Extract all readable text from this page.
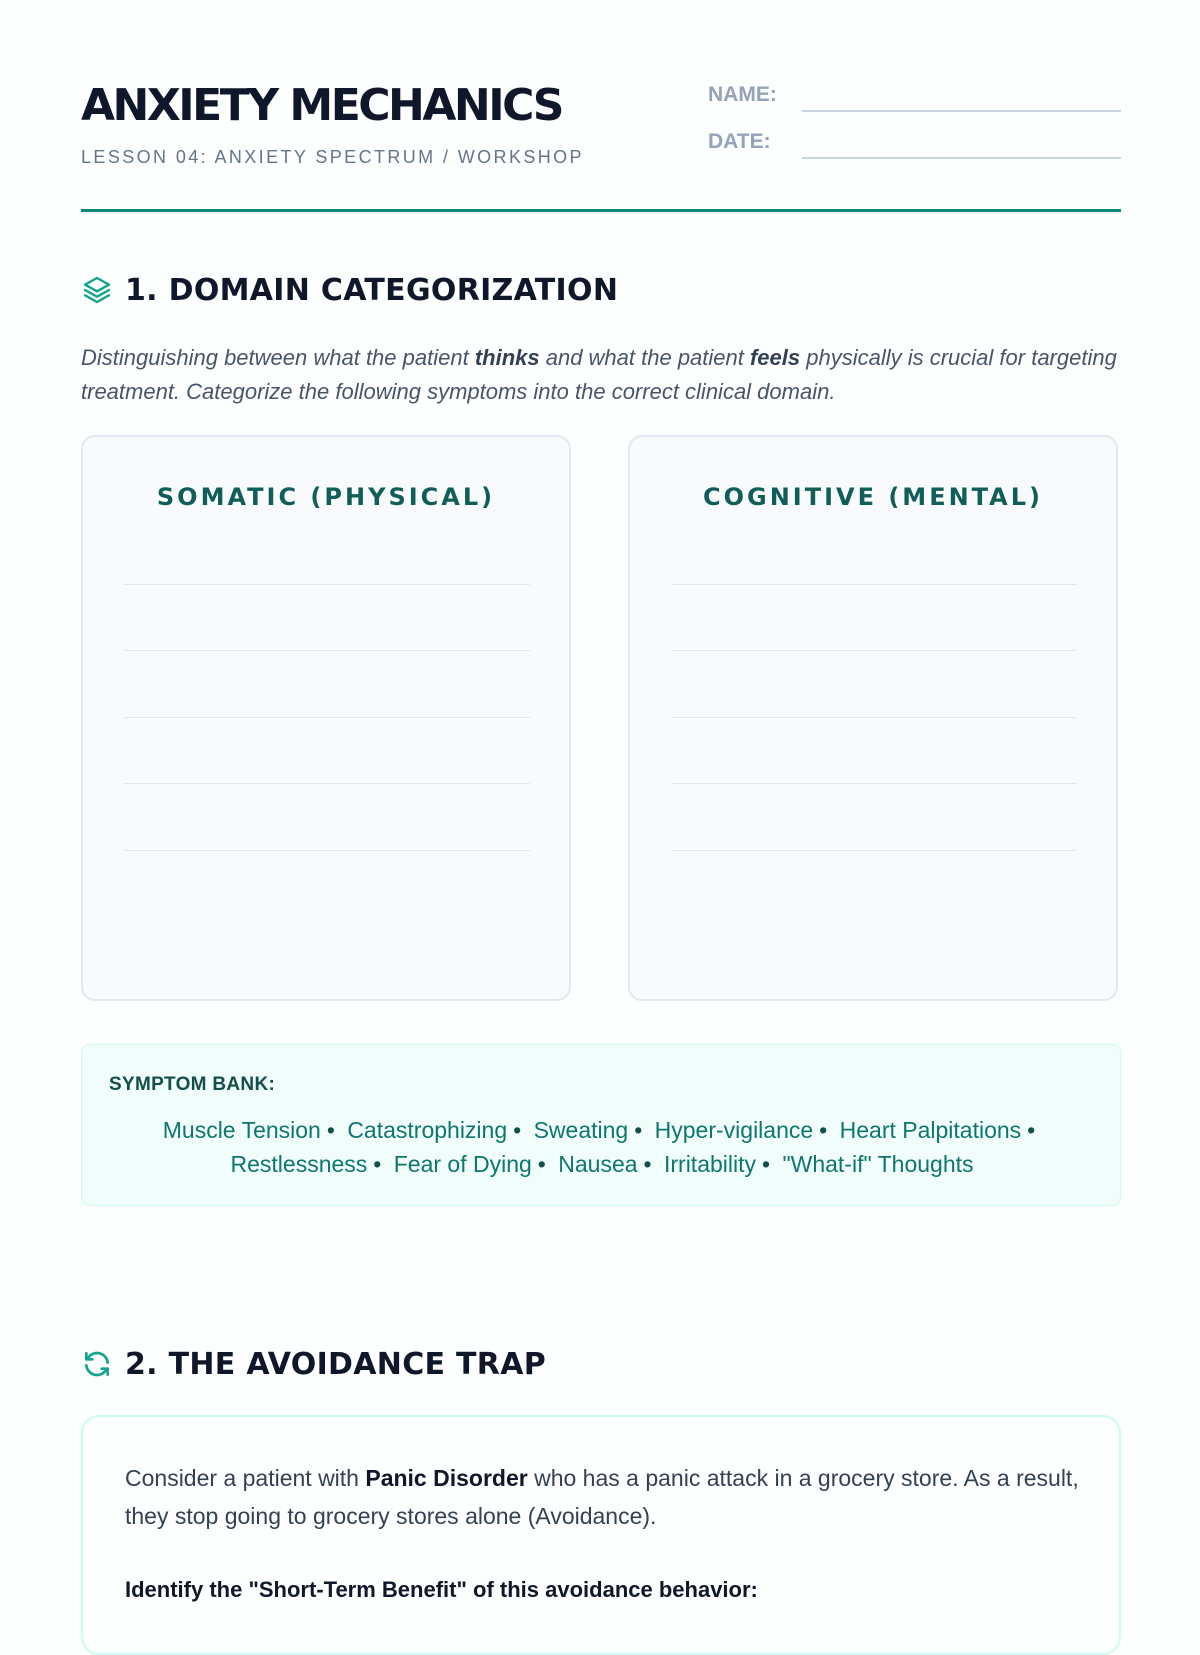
ANXIETY MECHANICS
LESSON 04: ANXIETY SPECTRUM / WORKSHOP
NAME:
DATE:
1. DOMAIN CATEGORIZATION
Distinguishing between what the patient thinks and what the patient feels physically is crucial for targeting treatment. Categorize the following symptoms into the correct clinical domain.
SOMATIC (PHYSICAL)	COGNITIVE (MENTAL)
SYMPTOM BANK:
Muscle Tension • Catastrophizing • Sweating • Hyper-vigilance • Heart Palpitations • Restlessness • Fear of Dying • Nausea • Irritability • "What-if" Thoughts
2. THE AVOIDANCE TRAP
Consider a patient with Panic Disorder who has a panic attack in a grocery store. As a result, they stop going to grocery stores alone (Avoidance).
Identify the "Short-Term Benefit" of this avoidance behavior:
